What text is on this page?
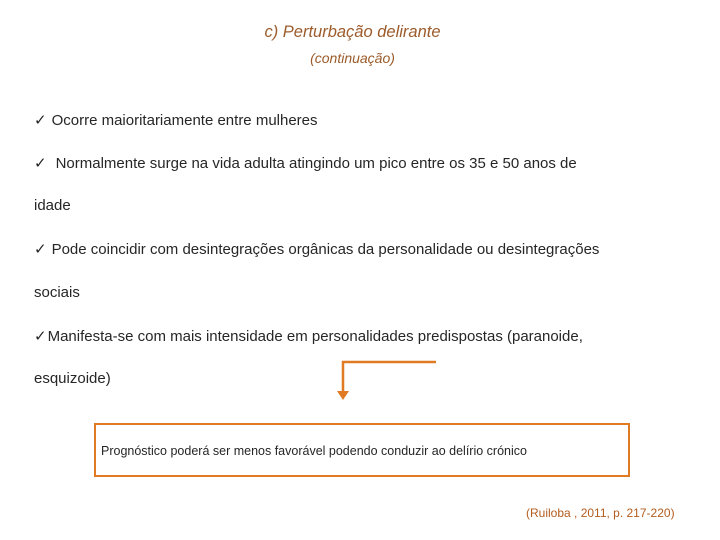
c) Perturbação delirante
(continuação)
✓ Ocorre maioritariamente entre mulheres
✓ Normalmente surge na vida adulta atingindo um pico entre os 35 e 50 anos de
idade
✓ Pode coincidir com desintegrações orgânicas da personalidade ou desintegrações
sociais
✓Manifesta-se com mais intensidade em personalidades predispostas (paranoide,
esquizoide)
Prognóstico poderá ser menos favorável podendo conduzir ao delírio crónico
(Ruiloba , 2011, p. 217-220)
